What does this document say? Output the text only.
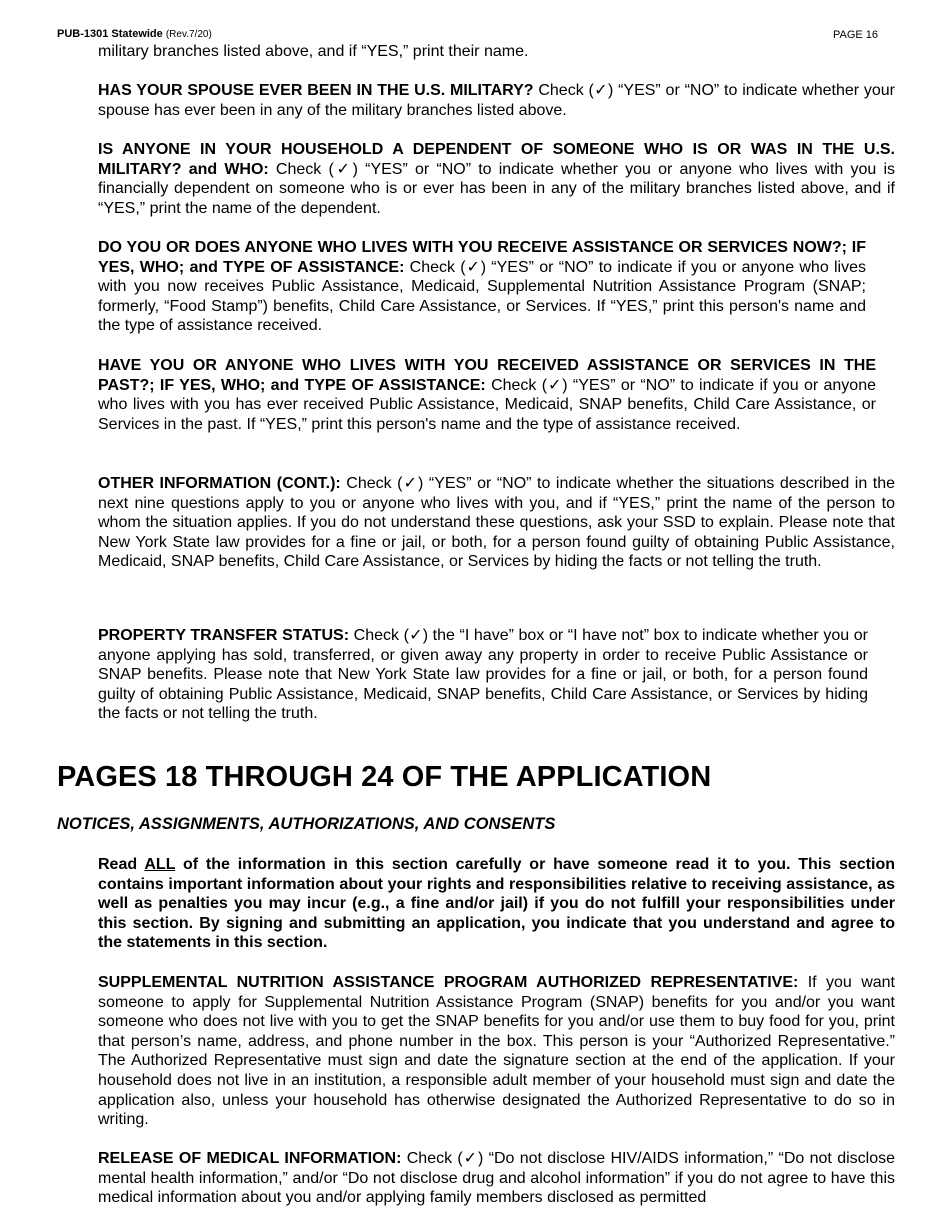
PUB-1301 Statewide (Rev.7/20)	PAGE 16
military branches listed above, and if “YES,” print their name.

HAS YOUR SPOUSE EVER BEEN IN THE U.S. MILITARY? Check (✓) “YES” or “NO” to indicate whether your spouse has ever been in any of the military branches listed above.

IS ANYONE IN YOUR HOUSEHOLD A DEPENDENT OF SOMEONE WHO IS OR WAS IN THE U.S. MILITARY? and WHO: Check (✓) “YES” or “NO” to indicate whether you or anyone who lives with you is financially dependent on someone who is or ever has been in any of the military branches listed above, and if “YES,” print the name of the dependent.

DO YOU OR DOES ANYONE WHO LIVES WITH YOU RECEIVE ASSISTANCE OR SERVICES NOW?; IF YES, WHO; and TYPE OF ASSISTANCE: Check (✓) “YES” or “NO” to indicate if you or anyone who lives with you now receives Public Assistance, Medicaid, Supplemental Nutrition Assistance Program (SNAP; formerly, “Food Stamp”) benefits, Child Care Assistance, or Services. If “YES,” print this person's name and the type of assistance received.

HAVE YOU OR ANYONE WHO LIVES WITH YOU RECEIVED ASSISTANCE OR SERVICES IN THE PAST?; IF YES, WHO; and TYPE OF ASSISTANCE: Check (✓) “YES” or “NO” to indicate if you or anyone who lives with you has ever received Public Assistance, Medicaid, SNAP benefits, Child Care Assistance, or Services in the past. If “YES,” print this person's name and the type of assistance received.

OTHER INFORMATION (CONT.): Check (✓) “YES” or “NO” to indicate whether the situations described in the next nine questions apply to you or anyone who lives with you, and if “YES,” print the name of the person to whom the situation applies. If you do not understand these questions, ask your SSD to explain. Please note that New York State law provides for a fine or jail, or both, for a person found guilty of obtaining Public Assistance, Medicaid, SNAP benefits, Child Care Assistance, or Services by hiding the facts or not telling the truth.

PROPERTY TRANSFER STATUS: Check (✓) the “I have” box or “I have not” box to indicate whether you or anyone applying has sold, transferred, or given away any property in order to receive Public Assistance or SNAP benefits. Please note that New York State law provides for a fine or jail, or both, for a person found guilty of obtaining Public Assistance, Medicaid, SNAP benefits, Child Care Assistance, or Services by hiding the facts or not telling the truth.

PAGES 18 THROUGH 24 OF THE APPLICATION
NOTICES, ASSIGNMENTS, AUTHORIZATIONS, AND CONSENTS

Read ALL of the information in this section carefully or have someone read it to you. This section contains important information about your rights and responsibilities relative to receiving assistance, as well as penalties you may incur (e.g., a fine and/or jail) if you do not fulfill your responsibilities under this section. By signing and submitting an application, you indicate that you understand and agree to the statements in this section.

SUPPLEMENTAL NUTRITION ASSISTANCE PROGRAM AUTHORIZED REPRESENTATIVE: If you want someone to apply for Supplemental Nutrition Assistance Program (SNAP) benefits for you and/or you want someone who does not live with you to get the SNAP benefits for you and/or use them to buy food for you, print that person’s name, address, and phone number in the box. This person is your “Authorized Representative.” The Authorized Representative must sign and date the signature section at the end of the application. If your household does not live in an institution, a responsible adult member of your household must sign and date the application also, unless your household has otherwise designated the Authorized Representative to do so in writing.

RELEASE OF MEDICAL INFORMATION: Check (✓) “Do not disclose HIV/AIDS information,” “Do not disclose mental health information,” and/or “Do not disclose drug and alcohol information” if you do not agree to have this medical information about you and/or applying family members disclosed as permitted
